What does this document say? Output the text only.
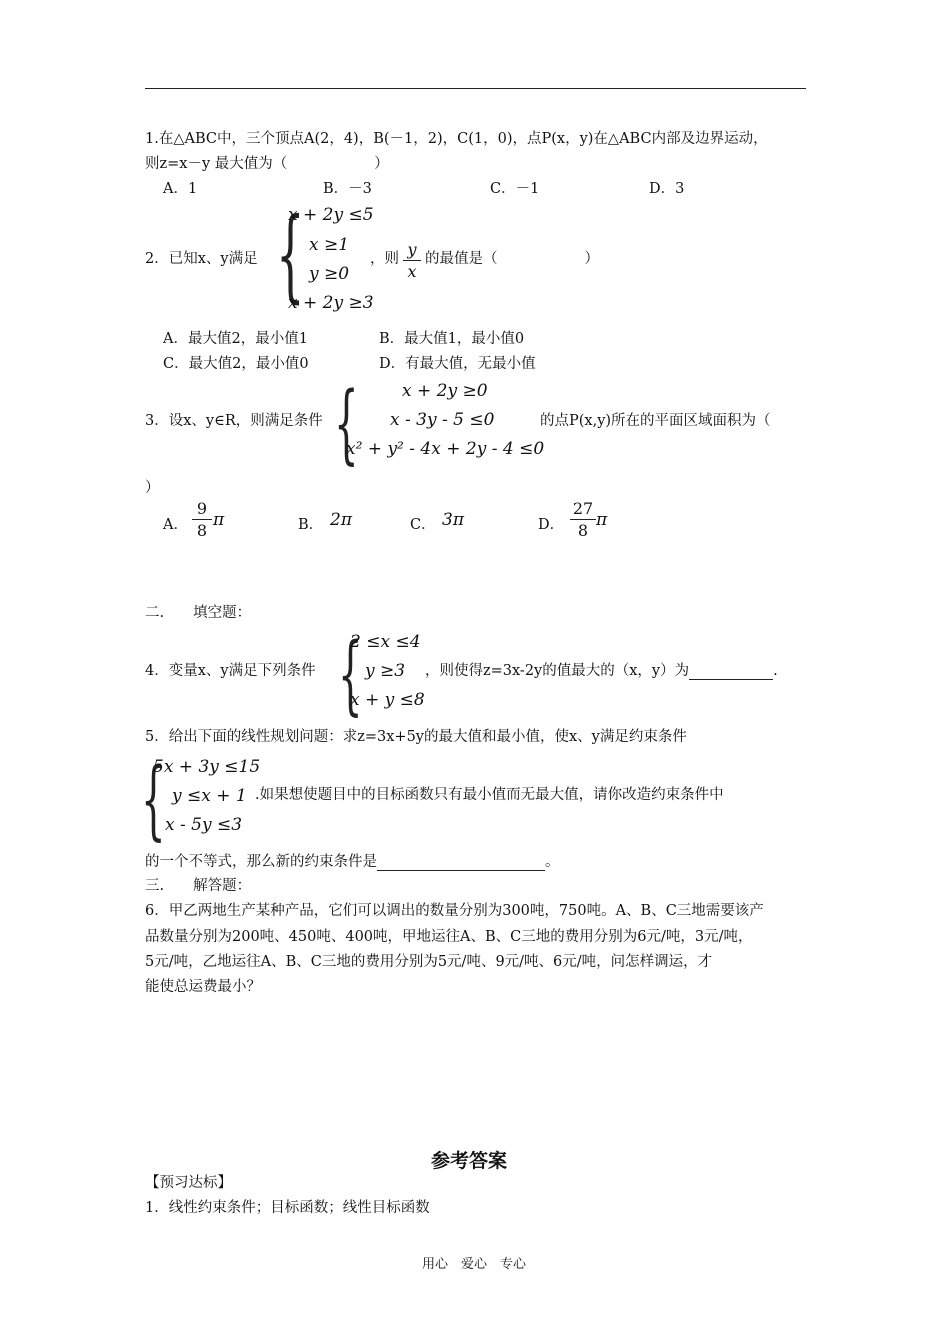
1.在△ABC中，三个顶点A(2，4)，B(－1，2)，C(1，0)，点P(x，y)在△ABC内部及边界运动，
则z=x－y 最大值为（　　　　　　）
A．1	B．－3	C．－1	D．3
2．已知x、y满足 {
x + 2y ≤5
x ≥1
y ≥0
x + 2y ≥3
，则 $\frac{y}{x}$ 的最值是（　　　　　　）
A．最大值2，最小值1	B．最大值1，最小值0
C．最大值2，最小值0	D．有最大值，无最小值
3．设x、y∈R，则满足条件 {	x + 2y ≥0
x - 3y - 5 ≤0
x² + y² - 4x + 2y - 4 ≤0
的点P(x,y)所在的平面区域面积为（
）
A． $\frac{9}{8}$ π	B． 2π	C． 3π	D． $\frac{27}{8}$ π
二.　　填空题：
4．变量x、y满足下列条件 {
2 ≤x ≤4
y ≥3
x + y ≤8
，则使得z=3x-2y的值最大的（x，y）为	.
5．给出下面的线性规划问题：求z=3x+5y的最大值和最小值，使x、y满足约束条件
{
5x + 3y ≤15
y ≤x + 1
x - 5y ≤3
.如果想使题目中的目标函数只有最小值而无最大值，请你改造约束条件中
的一个不等式，那么新的约束条件是	。
三.　　解答题：
6．甲乙两地生产某种产品，它们可以调出的数量分别为300吨，750吨。A、B、C三地需要该产
品数量分别为200吨、450吨、400吨，甲地运往A、B、C三地的费用分别为6元/吨，3元/吨，
5元/吨，乙地运往A、B、C三地的费用分别为5元/吨、9元/吨、6元/吨，问怎样调运，才
能使总运费最小？
参考答案
【预习达标】
1．线性约束条件；目标函数；线性目标函数
用心　爱心　专心
